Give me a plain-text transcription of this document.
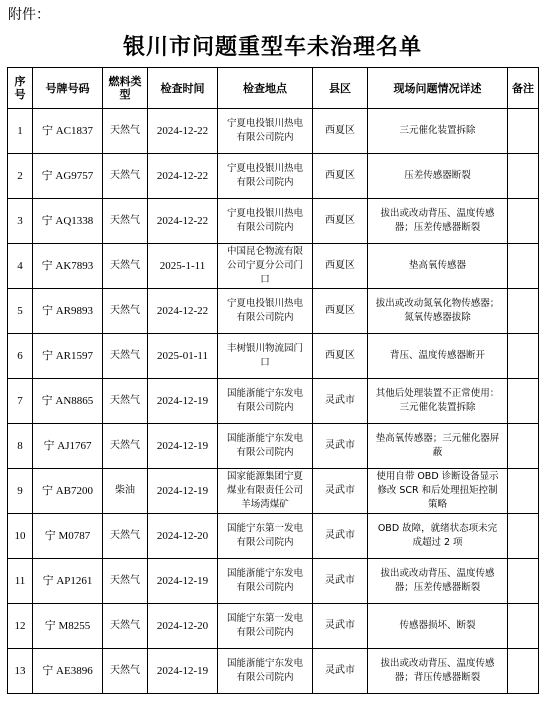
附件：
银川市问题重型车未治理名单
序号	号牌号码	燃料类型	检查时间	检查地点	县区	现场问题情况详述	备注
1	宁 AC1837	天然气	2024-12-22	宁夏电投银川热电有限公司院内	西夏区	三元催化装置拆除	
2	宁 AG9757	天然气	2024-12-22	宁夏电投银川热电有限公司院内	西夏区	压差传感器断裂	
3	宁 AQ1338	天然气	2024-12-22	宁夏电投银川热电有限公司院内	西夏区	拔出或改动背压、温度传感器；压差传感器断裂	
4	宁 AK7893	天然气	2025-1-11	中国昆仑物流有限公司宁夏分公司门口	西夏区	垫高氧传感器	
5	宁 AR9893	天然气	2024-12-22	宁夏电投银川热电有限公司院内	西夏区	拔出或改动氮氧化物传感器；氮氧传感器拔除	
6	宁 AR1597	天然气	2025-01-11	丰树银川物流园门口	西夏区	背压、温度传感器断开	
7	宁 AN8865	天然气	2024-12-19	国能浙能宁东发电有限公司院内	灵武市	其他后处理装置不正常使用：三元催化装置拆除	
8	宁 AJ1767	天然气	2024-12-19	国能浙能宁东发电有限公司院内	灵武市	垫高氧传感器；三元催化器屏蔽	
9	宁 AB7200	柴油	2024-12-19	国家能源集团宁夏煤业有限责任公司羊场湾煤矿	灵武市	使用自带 OBD 诊断设备显示修改 SCR 和后处理扭矩控制策略	
10	宁 M0787	天然气	2024-12-20	国能宁东第一发电有限公司院内	灵武市	OBD 故障，就绪状态项未完成超过 2 项	
11	宁 AP1261	天然气	2024-12-19	国能浙能宁东发电有限公司院内	灵武市	拔出或改动背压、温度传感器；压差传感器断裂	
12	宁 M8255	天然气	2024-12-20	国能宁东第一发电有限公司院内	灵武市	传感器损坏、断裂	
13	宁 AE3896	天然气	2024-12-19	国能浙能宁东发电有限公司院内	灵武市	拔出或改动背压、温度传感器；背压传感器断裂	
